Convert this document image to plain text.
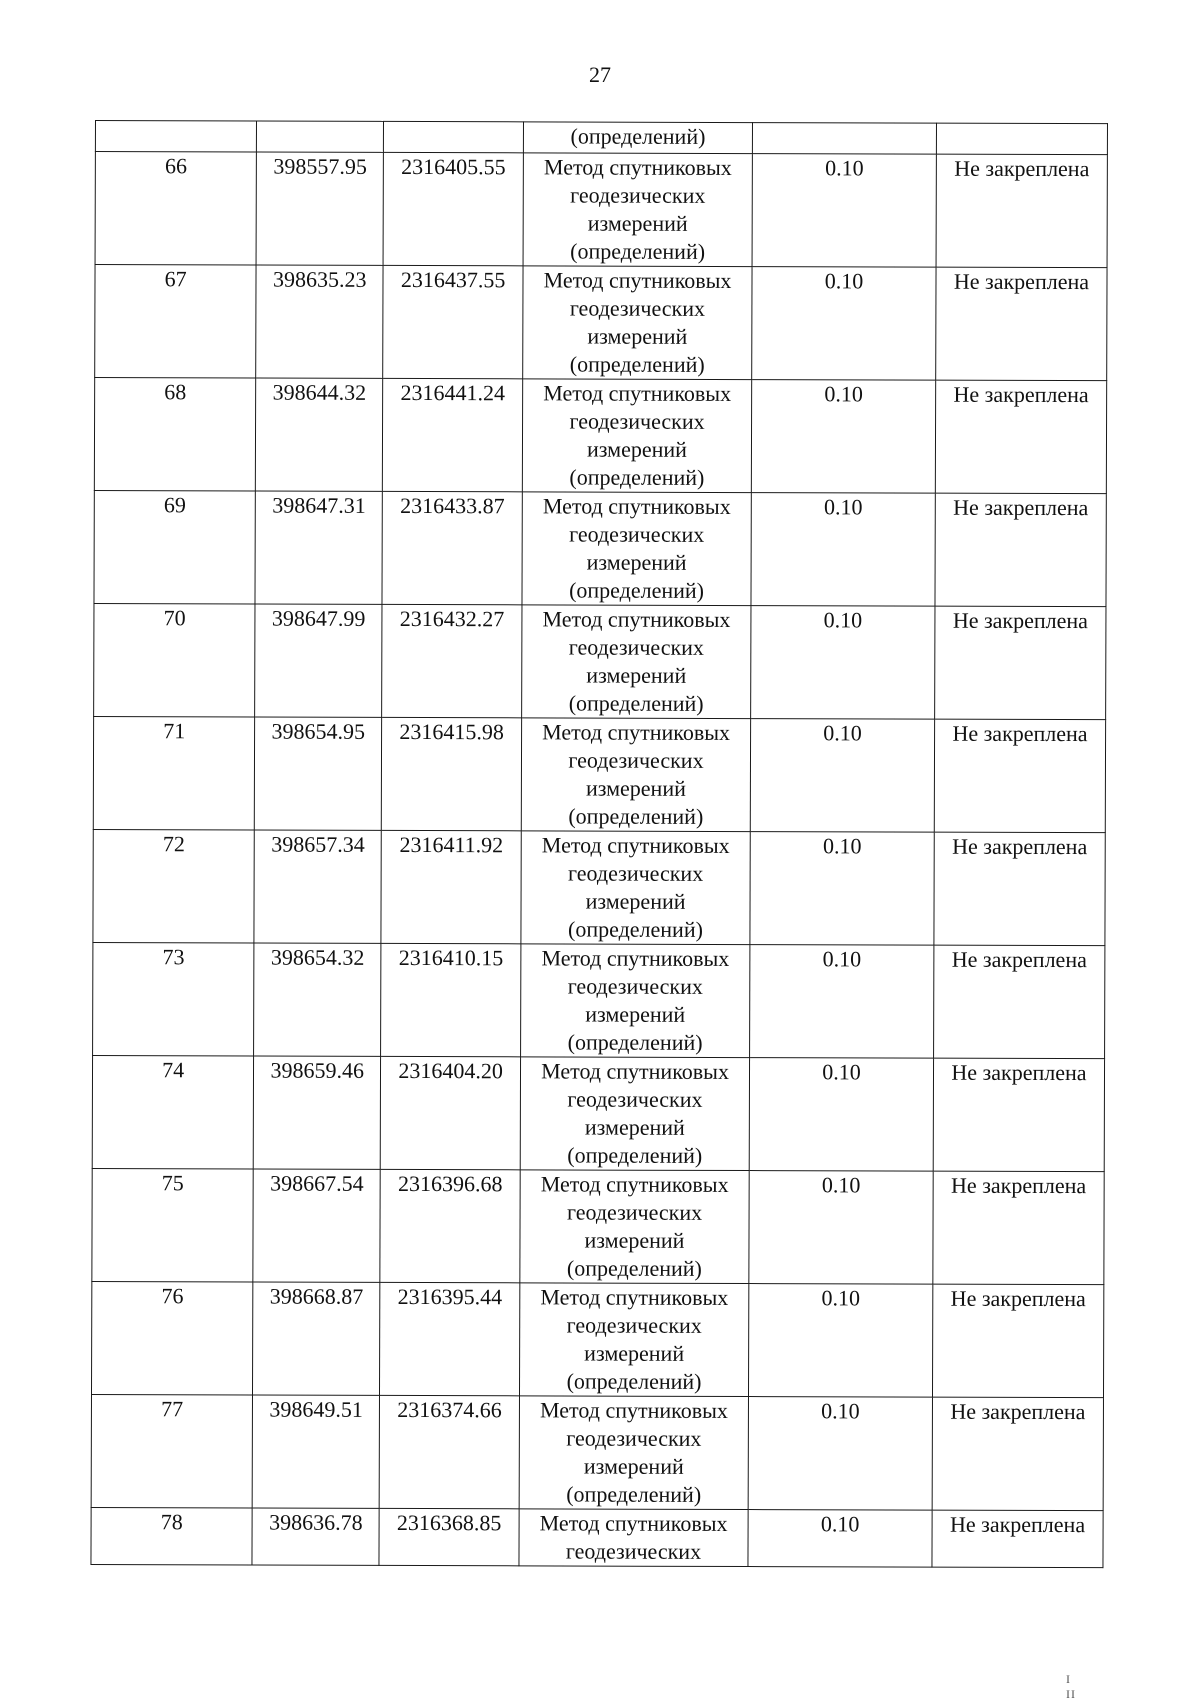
27
			(определений)		
66	398557.95	2316405.55	Метод спутниковых геодезических измерений (определений)	0.10	Не закреплена
67	398635.23	2316437.55	Метод спутниковых геодезических измерений (определений)	0.10	Не закреплена
68	398644.32	2316441.24	Метод спутниковых геодезических измерений (определений)	0.10	Не закреплена
69	398647.31	2316433.87	Метод спутниковых геодезических измерений (определений)	0.10	Не закреплена
70	398647.99	2316432.27	Метод спутниковых геодезических измерений (определений)	0.10	Не закреплена
71	398654.95	2316415.98	Метод спутниковых геодезических измерений (определений)	0.10	Не закреплена
72	398657.34	2316411.92	Метод спутниковых геодезических измерений (определений)	0.10	Не закреплена
73	398654.32	2316410.15	Метод спутниковых геодезических измерений (определений)	0.10	Не закреплена
74	398659.46	2316404.20	Метод спутниковых геодезических измерений (определений)	0.10	Не закреплена
75	398667.54	2316396.68	Метод спутниковых геодезических измерений (определений)	0.10	Не закреплена
76	398668.87	2316395.44	Метод спутниковых геодезических измерений (определений)	0.10	Не закреплена
77	398649.51	2316374.66	Метод спутниковых геодезических измерений (определений)	0.10	Не закреплена
78	398636.78	2316368.85	Метод спутниковых геодезических	0.10	Не закреплена
I II
